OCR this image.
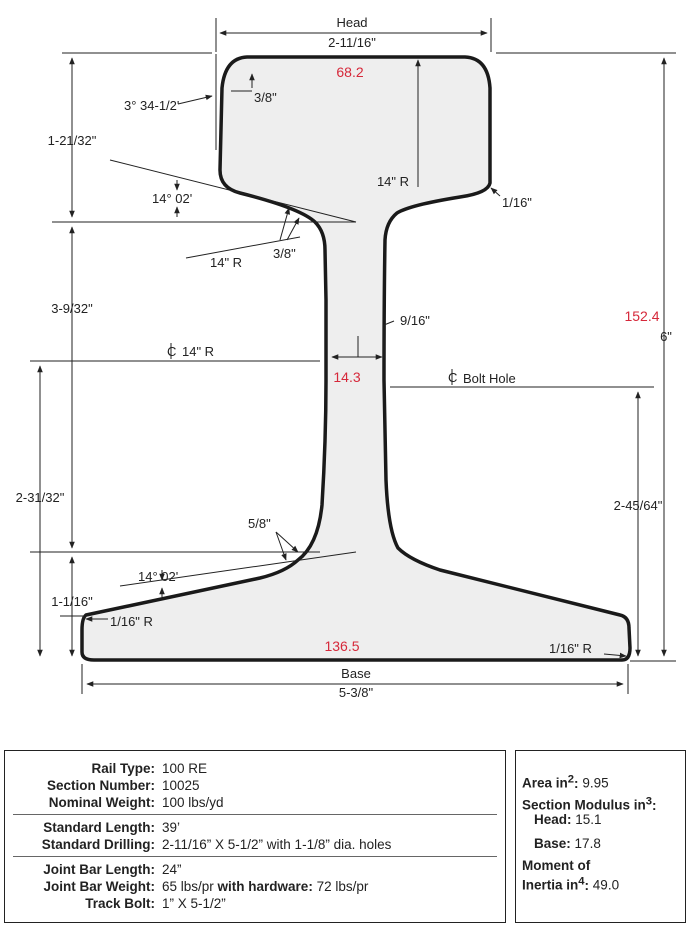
Head
2-11/16"
152.4
6"
68.2
14.3
136.5
3° 34-1/2'
3/8"
1-21/32"
14" R
1/16"
14° 02'
14" R
3/8"
3-9/32"
9/16"
C 14" R
C Bolt Hole
2-31/32"
2-45/64"
5/8"
14° 02'
1-1/16"
1/16" R
1/16" R
Base
5-3/8"
Rail Type: 100 RE
Section Number: 10025
Nominal Weight: 100 lbs/yd
Standard Length: 39’
Standard Drilling: 2-11/16” X 5-1/2” with 1-1/8” dia. holes
Joint Bar Length: 24”
Joint Bar Weight: 65 lbs/pr with hardware: 72 lbs/pr
Track Bolt: 1” X 5-1/2”
Area $in^2$: 9.95
Section Modulus $in^3$:
Head: 15.1
Base: 17.8
Moment of
Inertia $in^4$: 49.0
